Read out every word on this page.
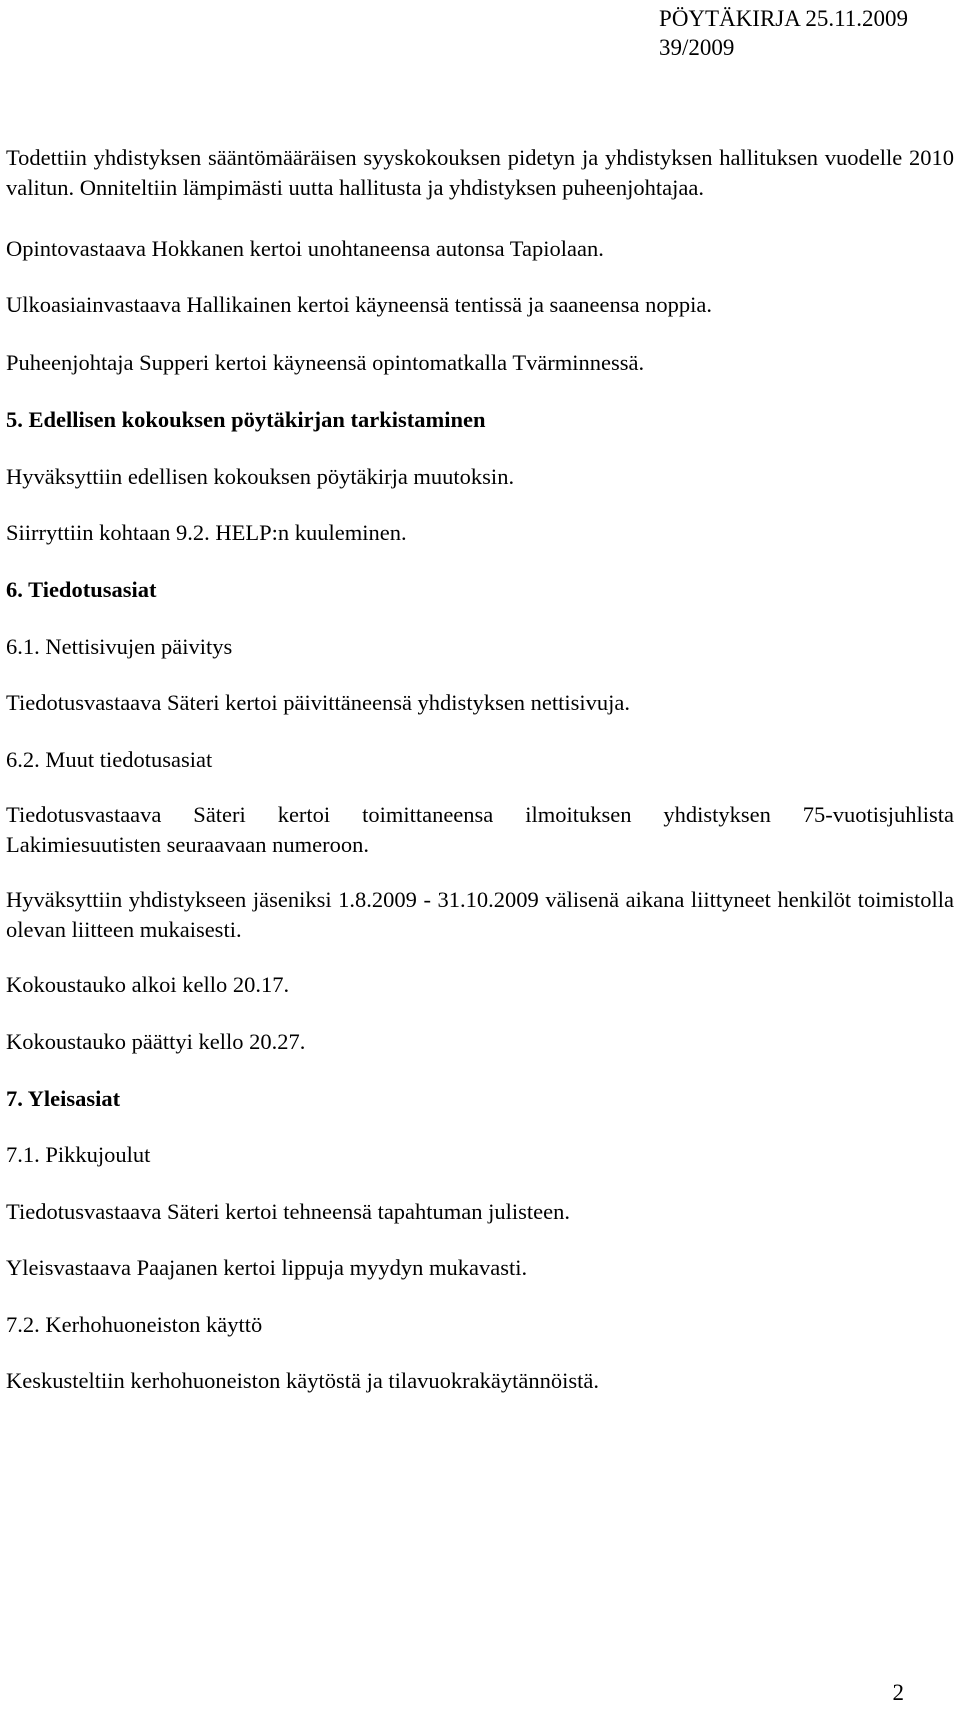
PÖYTÄKIRJA 25.11.2009
39/2009

Todettiin yhdistyksen sääntömääräisen syyskokouksen pidetyn ja yhdistyksen hallituksen vuodelle 2010 valitun. Onniteltiin lämpimästi uutta hallitusta ja yhdistyksen puheenjohtajaa.

Opintovastaava Hokkanen kertoi unohtaneensa autonsa Tapiolaan.

Ulkoasiainvastaava Hallikainen kertoi käyneensä tentissä ja saaneensa noppia.

Puheenjohtaja Supperi kertoi käyneensä opintomatkalla Tvärminnessä.

5. Edellisen kokouksen pöytäkirjan tarkistaminen

Hyväksyttiin edellisen kokouksen pöytäkirja muutoksin.

Siirryttiin kohtaan 9.2. HELP:n kuuleminen.

6. Tiedotusasiat

6.1. Nettisivujen päivitys

Tiedotusvastaava Säteri kertoi päivittäneensä yhdistyksen nettisivuja.

6.2. Muut tiedotusasiat

Tiedotusvastaava Säteri kertoi toimittaneensa ilmoituksen yhdistyksen 75-vuotisjuhlista Lakimiesuutisten seuraavaan numeroon.

Hyväksyttiin yhdistykseen jäseniksi 1.8.2009 - 31.10.2009 välisenä aikana liittyneet henkilöt toimistolla olevan liitteen mukaisesti.

Kokoustauko alkoi kello 20.17.

Kokoustauko päättyi kello 20.27.

7. Yleisasiat

7.1. Pikkujoulut

Tiedotusvastaava Säteri kertoi tehneensä tapahtuman julisteen.

Yleisvastaava Paajanen kertoi lippuja myydyn mukavasti.

7.2. Kerhohuoneiston käyttö

Keskusteltiin kerhohuoneiston käytöstä ja tilavuokrakäytännöistä.

2
